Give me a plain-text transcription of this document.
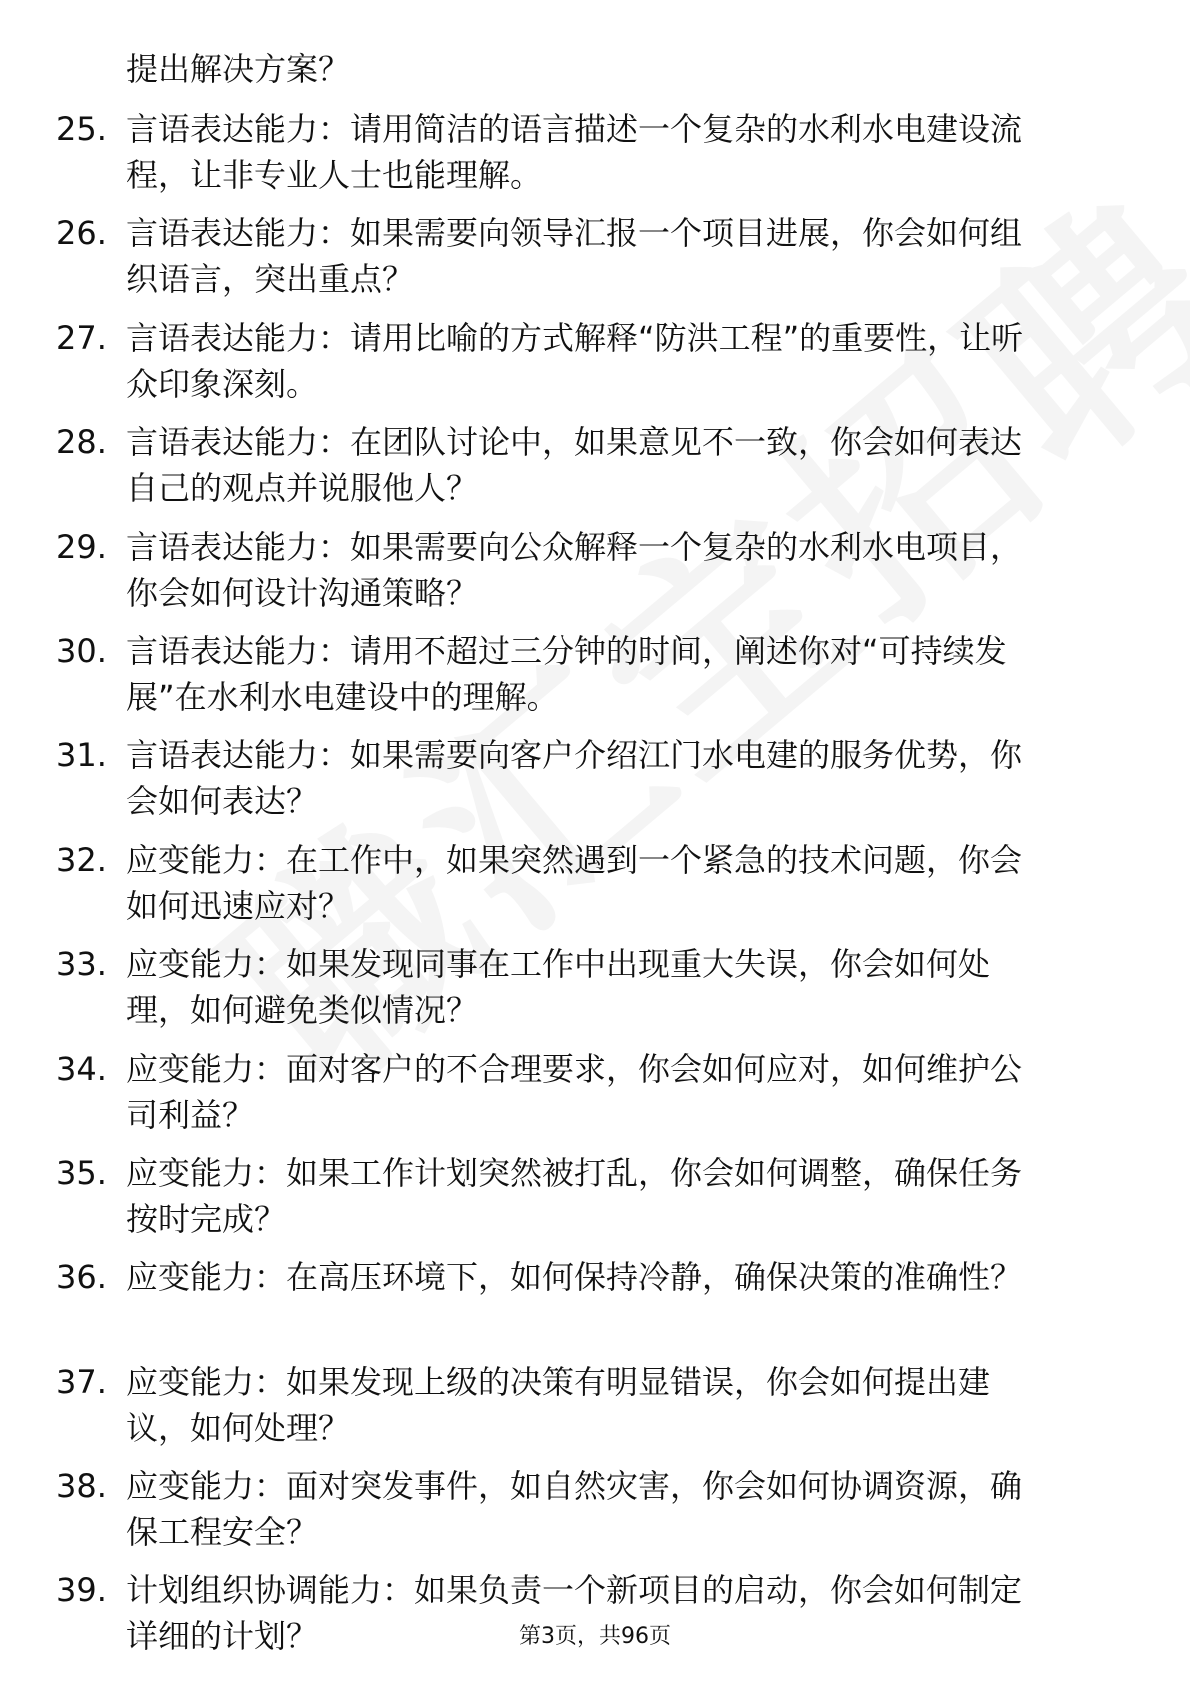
提出解决方案？
25. 言语表达能力：请用简洁的语言描述一个复杂的水利水电建设流
程，让非专业人士也能理解。
26. 言语表达能力：如果需要向领导汇报一个项目进展，你会如何组
织语言，突出重点？
27. 言语表达能力：请用比喻的方式解释“防洪工程”的重要性，让听
众印象深刻。
28. 言语表达能力：在团队讨论中，如果意见不一致，你会如何表达
自己的观点并说服他人？
29. 言语表达能力：如果需要向公众解释一个复杂的水利水电项目，
你会如何设计沟通策略？
30. 言语表达能力：请用不超过三分钟的时间，阐述你对“可持续发
展”在水利水电建设中的理解。
31. 言语表达能力：如果需要向客户介绍江门水电建的服务优势，你
会如何表达？
32. 应变能力：在工作中，如果突然遇到一个紧急的技术问题，你会
如何迅速应对？
33. 应变能力：如果发现同事在工作中出现重大失误，你会如何处
理，如何避免类似情况？
34. 应变能力：面对客户的不合理要求，你会如何应对，如何维护公
司利益？
35. 应变能力：如果工作计划突然被打乱，你会如何调整，确保任务
按时完成？
36. 应变能力：在高压环境下，如何保持冷静，确保决策的准确性？
37. 应变能力：如果发现上级的决策有明显错误，你会如何提出建
议，如何处理？
38. 应变能力：面对突发事件，如自然灾害，你会如何协调资源，确
保工程安全？
39. 计划组织协调能力：如果负责一个新项目的启动，你会如何制定
详细的计划？	第3页，共96页
